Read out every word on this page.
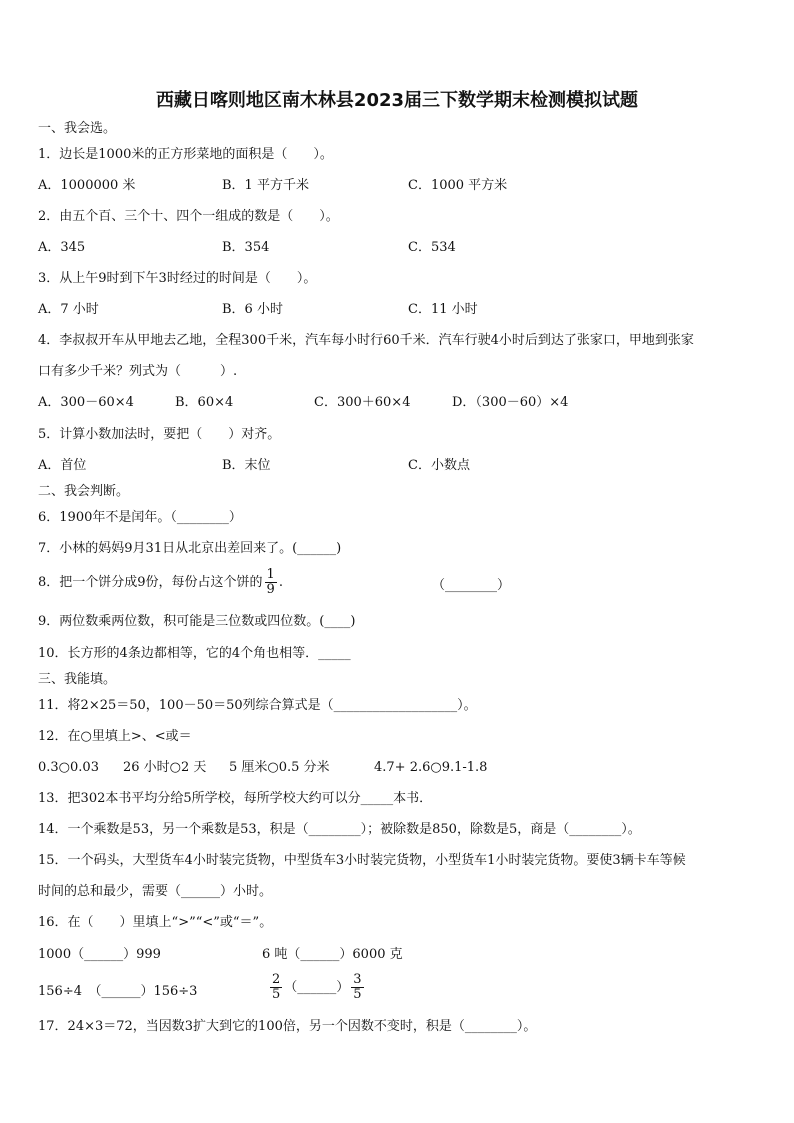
西藏日喀则地区南木林县2023届三下数学期末检测模拟试题
一、我会选。
1．边长是1000米的正方形菜地的面积是（　　）。
A．1000000 米	B．1 平方千米	C．1000 平方米
2．由五个百、三个十、四个一组成的数是（　　）。
A．345	B．354	C．534
3．从上午9时到下午3时经过的时间是（　　）。
A．7 小时	B．6 小时	C．11 小时
4．李叔叔开车从甲地去乙地，全程300千米，汽车每小时行60千米．汽车行驶4小时后到达了张家口，甲地到张家
口有多少千米？列式为（　　　）.
A．300－60×4	B．60×4	C．300＋60×4	D．（300－60）×4
5．计算小数加法时，要把（　　）对齐。
A．首位	B．末位	C．小数点
二、我会判断。
6．1900年不是闰年。（________）
7．小林的妈妈9月31日从北京出差回来了。(______)
8．把一个饼分成9份，每份占这个饼的 $\frac{1}{9}$ .	（________）
9．两位数乘两位数，积可能是三位数或四位数。(____)
10．长方形的4条边都相等，它的4个角也相等．_____
三、我能填。
11．将2×25＝50，100－50＝50列综合算式是（___________________）。
12．在○里填上>、<或＝
0.3○0.03 26 小时○2 天 5 厘米○0.5 分米	4.7+ 2.6○9.1-1.8
13．把302本书平均分给5所学校，每所学校大约可以分_____本书．
14．一个乘数是53，另一个乘数是53，积是（________）；被除数是850，除数是5，商是（________）。
15．一个码头，大型货车4小时装完货物，中型货车3小时装完货物，小型货车1小时装完货物。要使3辆卡车等候
时间的总和最少，需要（______）小时。
16．在（　　）里填上“>”“<”或“＝”。
1000（______）999	6 吨（______）6000 克
156÷4　（______）156÷3	$\frac{2}{5}$ （______） $\frac{3}{5}$
17．24×3＝72，当因数3扩大到它的100倍，另一个因数不变时，积是（________）。
